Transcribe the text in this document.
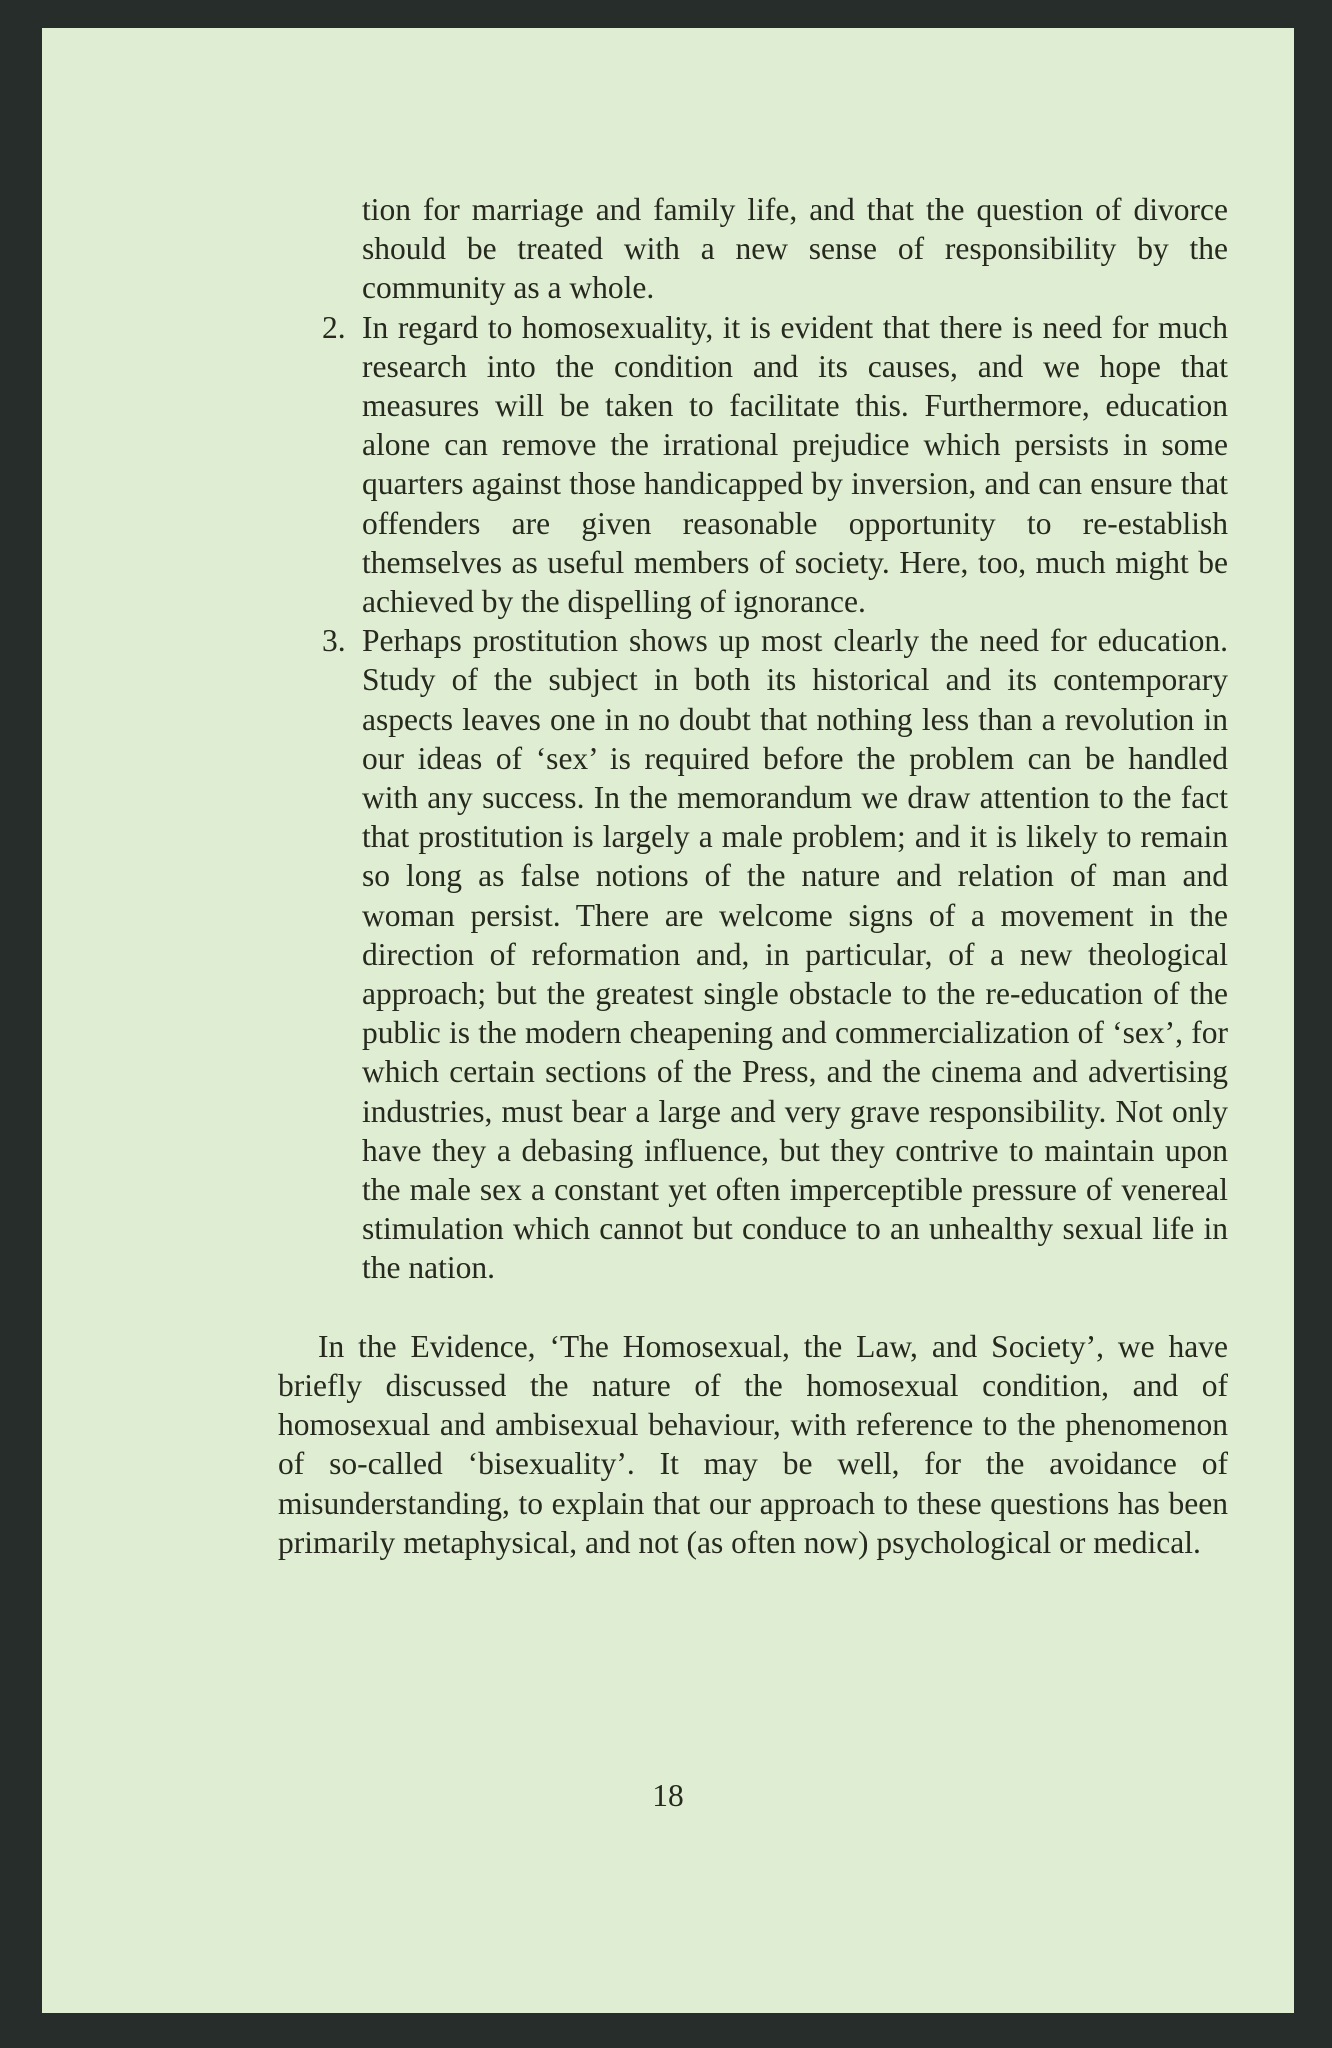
tion for marriage and family life, and that the question of divorce should be treated with a new sense of responsibility by the community as a whole.

2. In regard to homosexuality, it is evident that there is need for much research into the condition and its causes, and we hope that measures will be taken to facilitate this. Furthermore, education alone can remove the irrational prejudice which persists in some quarters against those handicapped by inversion, and can ensure that offenders are given reasonable opportunity to re-establish themselves as useful members of society. Here, too, much might be achieved by the dispelling of ignorance.

3. Perhaps prostitution shows up most clearly the need for education. Study of the subject in both its historical and its contemporary aspects leaves one in no doubt that nothing less than a revolution in our ideas of ‘sex’ is required before the problem can be handled with any success. In the memorandum we draw attention to the fact that prostitution is largely a male problem; and it is likely to remain so long as false notions of the nature and relation of man and woman persist. There are welcome signs of a movement in the direction of reformation and, in particular, of a new theological approach; but the greatest single obstacle to the re-education of the public is the modern cheapening and commercialization of ‘sex’, for which certain sections of the Press, and the cinema and advertising industries, must bear a large and very grave responsibility. Not only have they a debasing influence, but they contrive to maintain upon the male sex a constant yet often imperceptible pressure of venereal stimulation which cannot but conduce to an unhealthy sexual life in the nation.

In the Evidence, ‘The Homosexual, the Law, and Society’, we have briefly discussed the nature of the homosexual condition, and of homosexual and ambisexual behaviour, with reference to the phenomenon of so-called ‘bisexuality’. It may be well, for the avoidance of misunderstanding, to explain that our approach to these questions has been primarily metaphysical, and not (as often now) psychological or medical.

18
